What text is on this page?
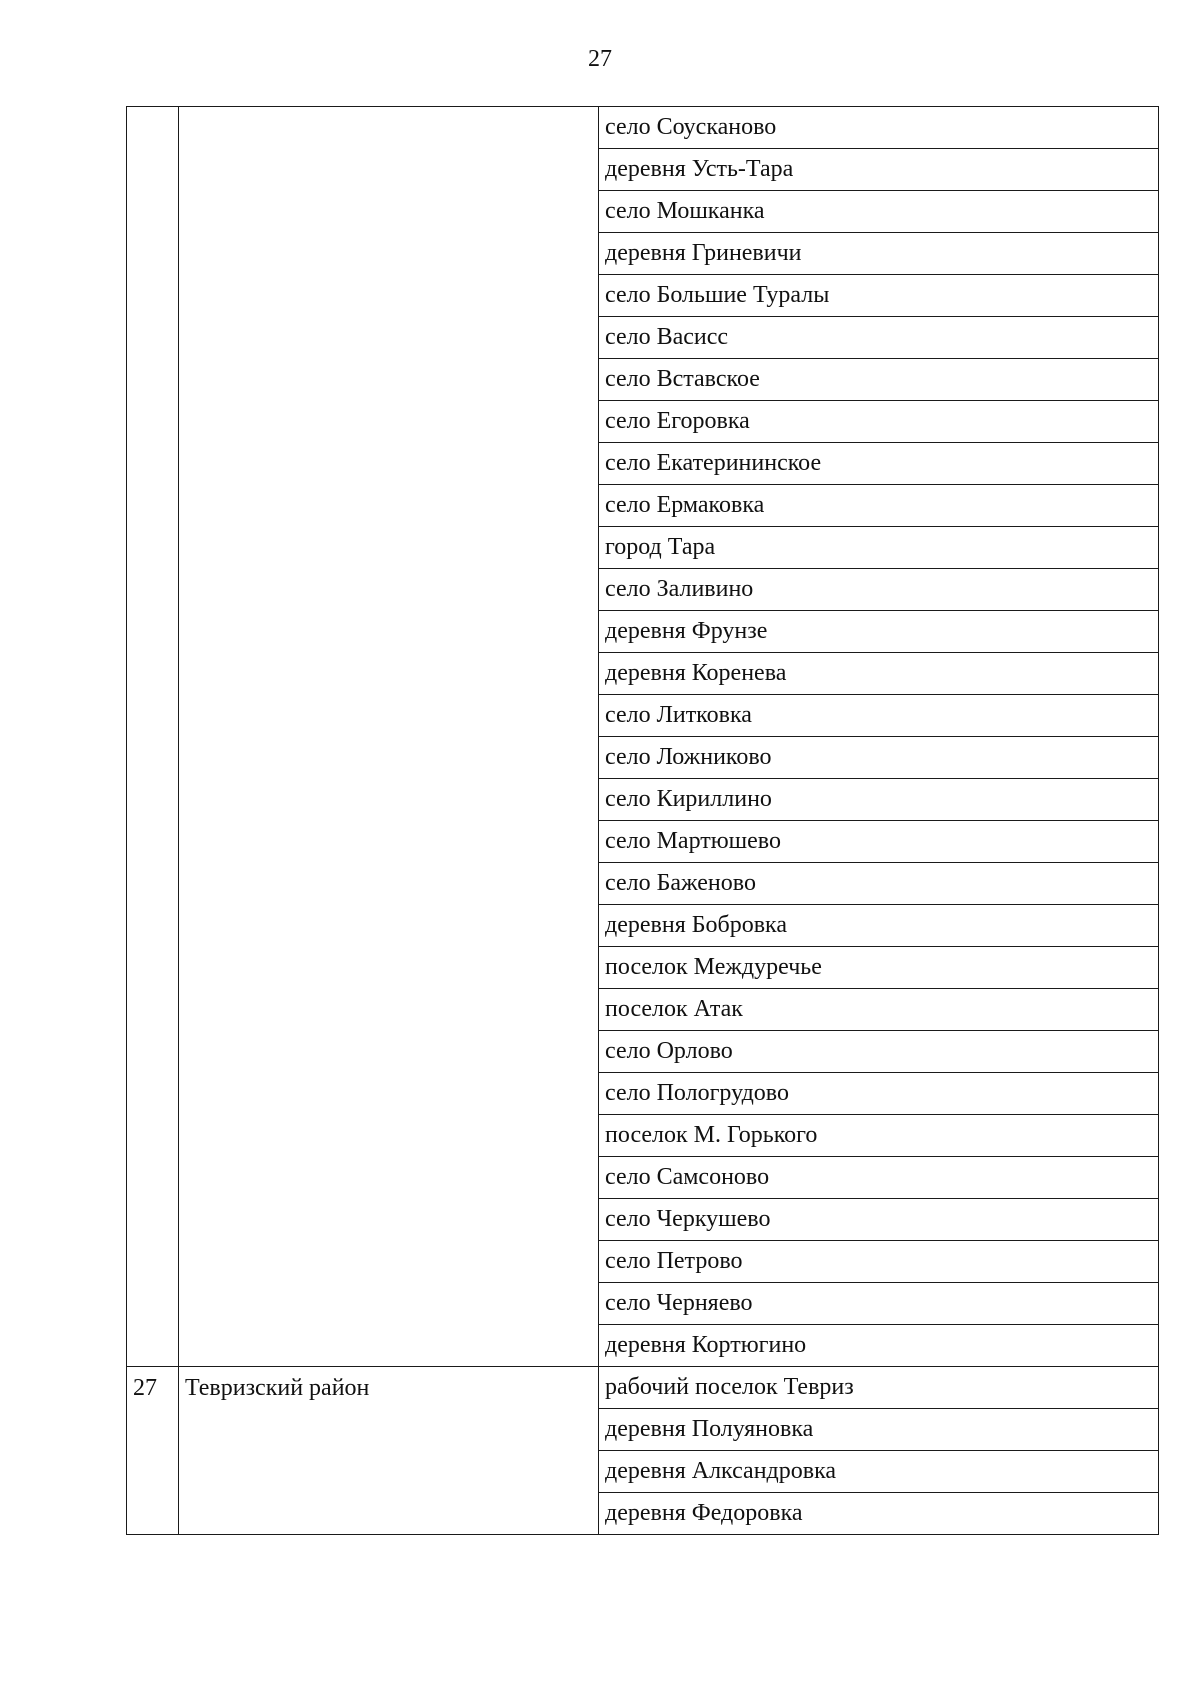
27
		село Соусканово
		деревня Усть-Тара
		село Мошканка
		деревня Гриневичи
		село Большие Туралы
		село Васисс
		село Вставское
		село Егоровка
		село Екатерининское
		село Ермаковка
		город Тара
		село Заливино
		деревня Фрунзе
		деревня Коренева
		село Литковка
		село Ложниково
		село Кириллино
		село Мартюшево
		село Баженово
		деревня Бобровка
		поселок Междуречье
		поселок Атак
		село Орлово
		село Пологрудово
		поселок М. Горького
		село Самсоново
		село Черкушево
		село Петрово
		село Черняево
		деревня Кортюгино
27	Тевризский район	рабочий поселок Тевриз
		деревня Полуяновка
		деревня Алксандровка
		деревня Федоровка
